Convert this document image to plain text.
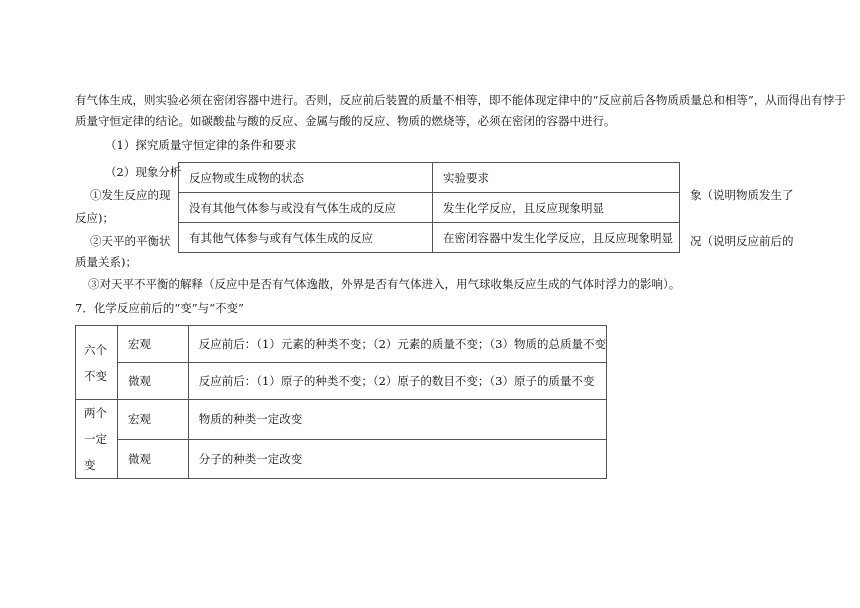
有气体生成，则实验必须在密闭容器中进行。否则，反应前后装置的质量不相等，即不能体现定律中的“反应前后各物质质量总和相等”，从而得出有悖于
质量守恒定律的结论。如碳酸盐与酸的反应、金属与酸的反应、物质的燃烧等，必须在密闭的容器中进行。
（1）探究质量守恒定律的条件和要求
（2）现象分析
①发生反应的现
反应)；
象（说明物质发生了
②天平的平衡状
质量关系)；
况（说明反应前后的
反应物或生成物的状态	实验要求
没有其他气体参与或没有气体生成的反应	发生化学反应，且反应现象明显
有其他气体参与或有气体生成的反应	在密闭容器中发生化学反应，且反应现象明显
③对天平不平衡的解释（反应中是否有气体逸散，外界是否有气体进入，用气球收集反应生成的气体时浮力的影响）。
7．化学反应前后的“变”与“不变”
六个不变	宏观	反应前后：（1）元素的种类不变；（2）元素的质量不变；（3）物质的总质量不变
	微观	反应前后：（1）原子的种类不变；（2）原子的数目不变；（3）原子的质量不变
两个一定变	宏观	物质的种类一定改变
	微观	分子的种类一定改变
